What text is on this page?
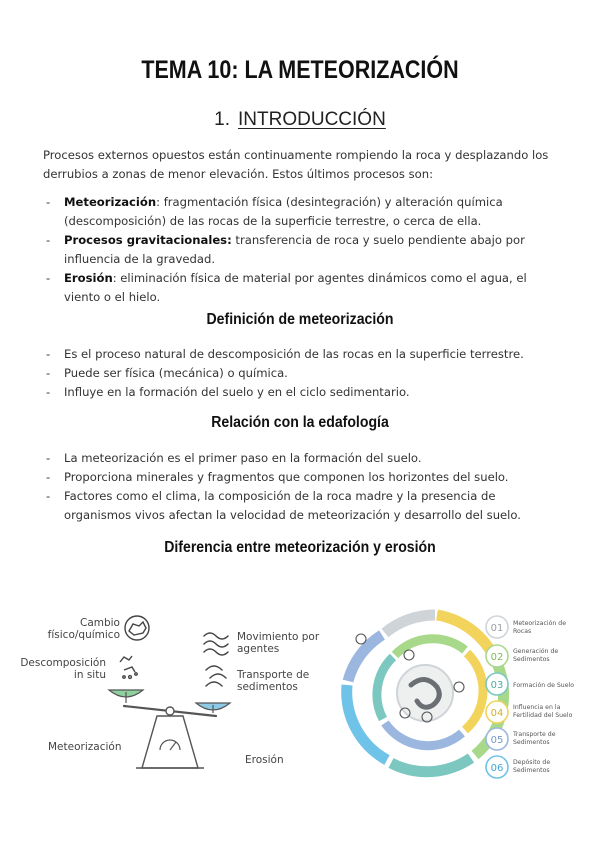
TEMA 10: LA METEORIZACIÓN
1. INTRODUCCIÓN
Procesos externos opuestos están continuamente rompiendo la roca y desplazando los derrubios a zonas de menor elevación. Estos últimos procesos son:
- Meteorización: fragmentación física (desintegración) y alteración química (descomposición) de las rocas de la superficie terrestre, o cerca de ella.
- Procesos gravitacionales: transferencia de roca y suelo pendiente abajo por influencia de la gravedad.
- Erosión: eliminación física de material por agentes dinámicos como el agua, el viento o el hielo.
Definición de meteorización
- Es el proceso natural de descomposición de las rocas en la superficie terrestre.
- Puede ser física (mecánica) o química.
- Influye en la formación del suelo y en el ciclo sedimentario.
Relación con la edafología
- La meteorización es el primer paso en la formación del suelo.
- Proporciona minerales y fragmentos que componen los horizontes del suelo.
- Factores como el clima, la composición de la roca madre y la presencia de organismos vivos afectan la velocidad de meteorización y desarrollo del suelo.
Diferencia entre meteorización y erosión
Cambio
físico/químico
Descomposición
in situ
Movimiento por
agentes
Transporte de
sedimentos
Meteorización
Erosión
01 Meteorización de
Rocas
02
Generación de
Sedimentos
03 Formación de Suelo
04
Influencia en la
Fertilidad del Suelo
05
Transporte de
Sedimentos
06
Depósito de
Sedimentos
